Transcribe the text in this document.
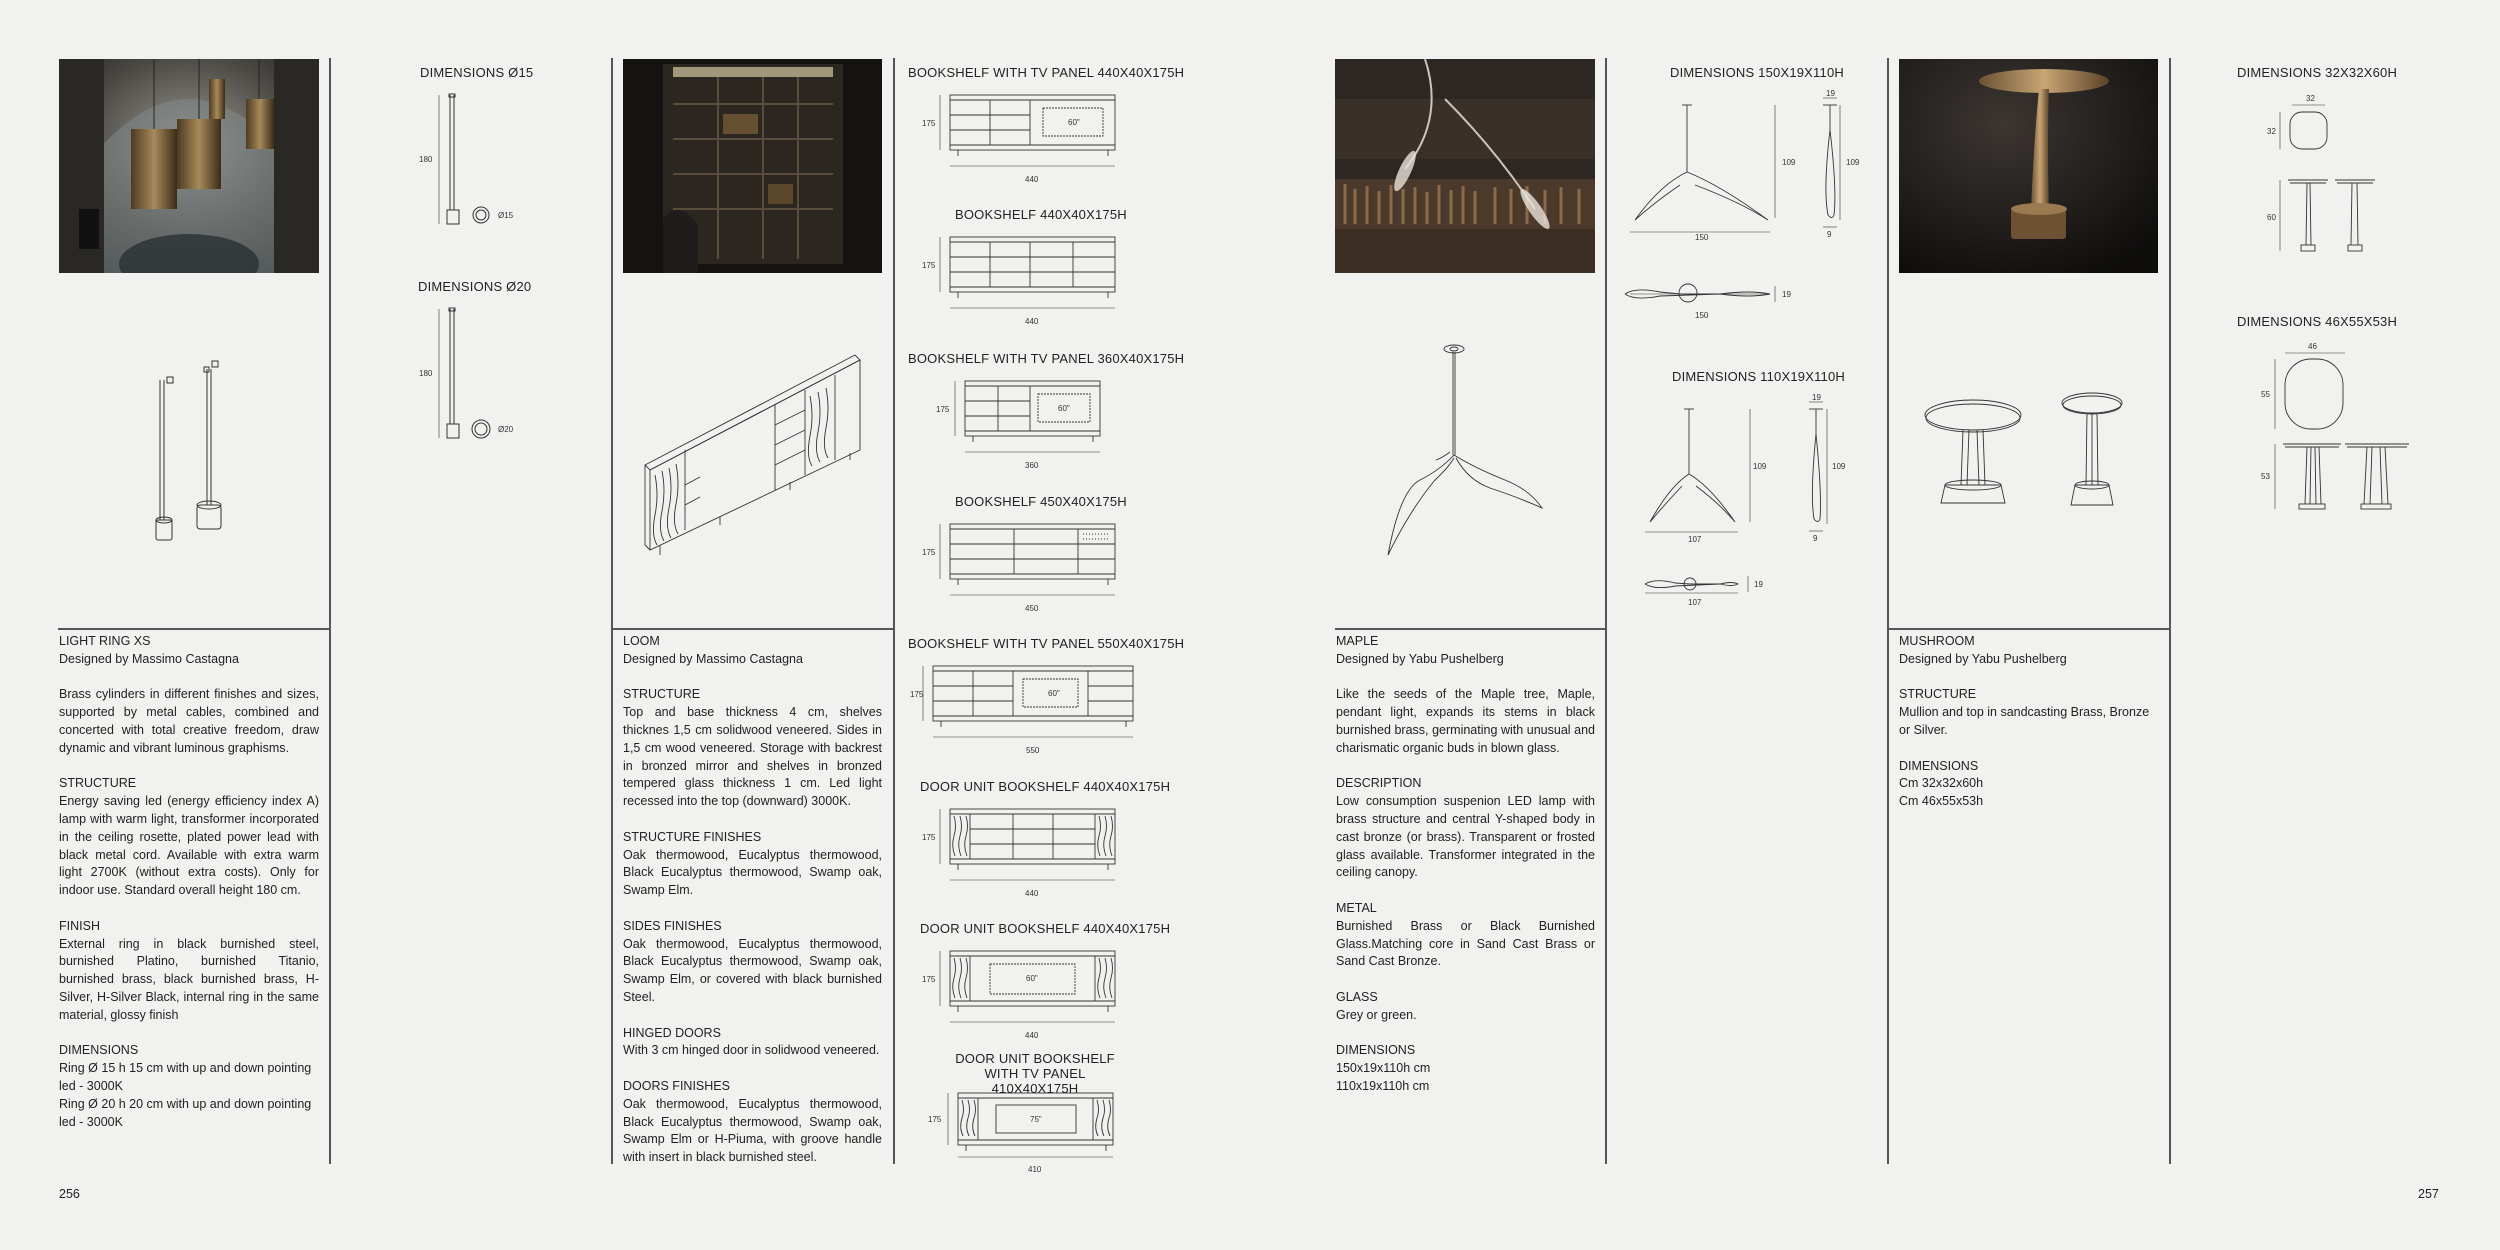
DIMENSIONS Ø15
180
Ø15
DIMENSIONS Ø20
180
Ø20
LIGHT RING XS
Designed by Massimo Castagna
Brass cylinders in different finishes and sizes, supported by metal cables, combined and concerted with total creative freedom, draw dynamic and vibrant luminous graphisms.
STRUCTURE
Energy saving led (energy efficiency index A) lamp with warm light, transformer incorporated in the ceiling rosette, plated power lead with black metal cord. Available with extra warm light 2700K (without extra costs). Only for indoor use. Standard overall height 180 cm.
FINISH
External ring in black burnished steel, burnished Platino, burnished Titanio, burnished brass, black burnished brass, H-Silver, H-Silver Black, internal ring in the same material, glossy finish
DIMENSIONS
Ring Ø 15 h 15 cm with up and down pointing led - 3000K
Ring Ø 20 h 20 cm with up and down pointing led - 3000K
LOOM
Designed by Massimo Castagna
STRUCTURE
Top and base thickness 4 cm, shelves thicknes 1,5 cm solidwood veneered. Sides in 1,5 cm wood veneered. Storage with backrest in bronzed mirror and shelves in bronzed tempered glass thickness 1 cm. Led light recessed into the top (downward) 3000K.
STRUCTURE FINISHES
Oak thermowood, Eucalyptus thermowood, Black Eucalyptus thermowood, Swamp oak, Swamp Elm.
SIDES FINISHES
Oak thermowood, Eucalyptus thermowood, Black Eucalyptus thermowood, Swamp oak, Swamp Elm, or covered with black burnished Steel.
HINGED DOORS
With 3 cm hinged door in solidwood veneered.
DOORS FINISHES
Oak thermowood, Eucalyptus thermowood, Black Eucalyptus thermowood, Swamp oak, Swamp Elm or H-Piuma, with groove handle with insert in black burnished steel.
BOOKSHELF WITH TV PANEL 440X40X175H
BOOKSHELF 440X40X175H
BOOKSHELF WITH TV PANEL 360X40X175H
BOOKSHELF 450X40X175H
BOOKSHELF WITH TV PANEL 550X40X175H
DOOR UNIT BOOKSHELF 440X40X175H
DOOR UNIT BOOKSHELF 440X40X175H
DOOR UNIT BOOKSHELF WITH TV PANEL 410X40X175H
60"
175
440
175
440
60"
175
360
175
450
60"
175
550
175
440
60"
175
440
75"
175
410
DIMENSIONS 150X19X110H
150
109
19
9
150
19
109
DIMENSIONS 110X19X110H
107
109
19
9
107
19
109
MAPLE
Designed by Yabu Pushelberg
Like the seeds of the Maple tree, Maple, pendant light, expands its stems in black burnished brass, germinating with unusual and charismatic organic buds in blown glass.
DESCRIPTION
Low consumption suspenion LED lamp with brass structure and central Y-shaped body in cast bronze (or brass). Transparent or frosted glass available. Transformer integrated in the ceiling canopy.
METAL
Burnished Brass or Black Burnished Glass.Matching core in Sand Cast Brass or Sand Cast Bronze.
GLASS
Grey or green.
DIMENSIONS
150x19x110h cm
110x19x110h cm
DIMENSIONS 32X32X60H
32
32
60
DIMENSIONS 46X55X53H
46
55
53
MUSHROOM
Designed by Yabu Pushelberg
STRUCTURE
Mullion and top in sandcasting Brass, Bronze or Silver.
DIMENSIONS
Cm 32x32x60h
Cm 46x55x53h
256	257
